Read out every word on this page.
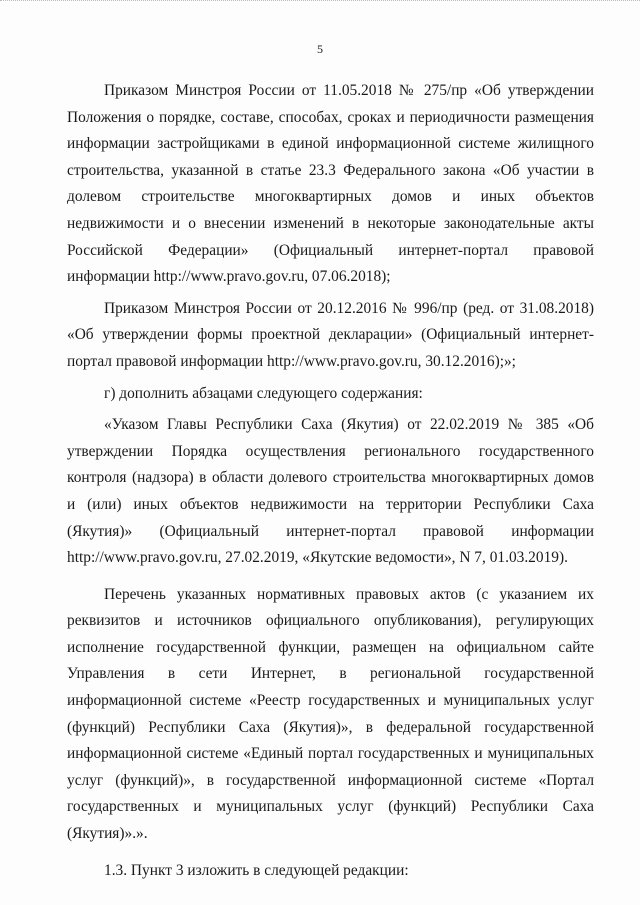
5

Приказом Минстроя России от 11.05.2018 № 275/пр «Об утверждении Положения о порядке, составе, способах, сроках и периодичности размещения информации застройщиками в единой информационной системе жилищного строительства, указанной в статье 23.3 Федерального закона «Об участии в долевом строительстве многоквартирных домов и иных объектов недвижимости и о внесении изменений в некоторые законодательные акты Российской Федерации» (Официальный интернет-портал правовой информации http://www.pravo.gov.ru, 07.06.2018);

Приказом Минстроя России от 20.12.2016 № 996/пр (ред. от 31.08.2018) «Об утверждении формы проектной декларации» (Официальный интернет-портал правовой информации http://www.pravo.gov.ru, 30.12.2016);»;

г) дополнить абзацами следующего содержания:

«Указом Главы Республики Саха (Якутия) от 22.02.2019 № 385 «Об утверждении Порядка осуществления регионального государственного контроля (надзора) в области долевого строительства многоквартирных домов и (или) иных объектов недвижимости на территории Республики Саха (Якутия)» (Официальный интернет-портал правовой информации http://www.pravo.gov.ru, 27.02.2019, «Якутские ведомости», N 7, 01.03.2019).

Перечень указанных нормативных правовых актов (с указанием их реквизитов и источников официального опубликования), регулирующих исполнение государственной функции, размещен на официальном сайте Управления в сети Интернет, в региональной государственной информационной системе «Реестр государственных и муниципальных услуг (функций) Республики Саха (Якутия)», в федеральной государственной информационной системе «Единый портал государственных и муниципальных услуг (функций)», в государственной информационной системе «Портал государственных и муниципальных услуг (функций) Республики Саха (Якутия)».».

1.3. Пункт 3 изложить в следующей редакции:
